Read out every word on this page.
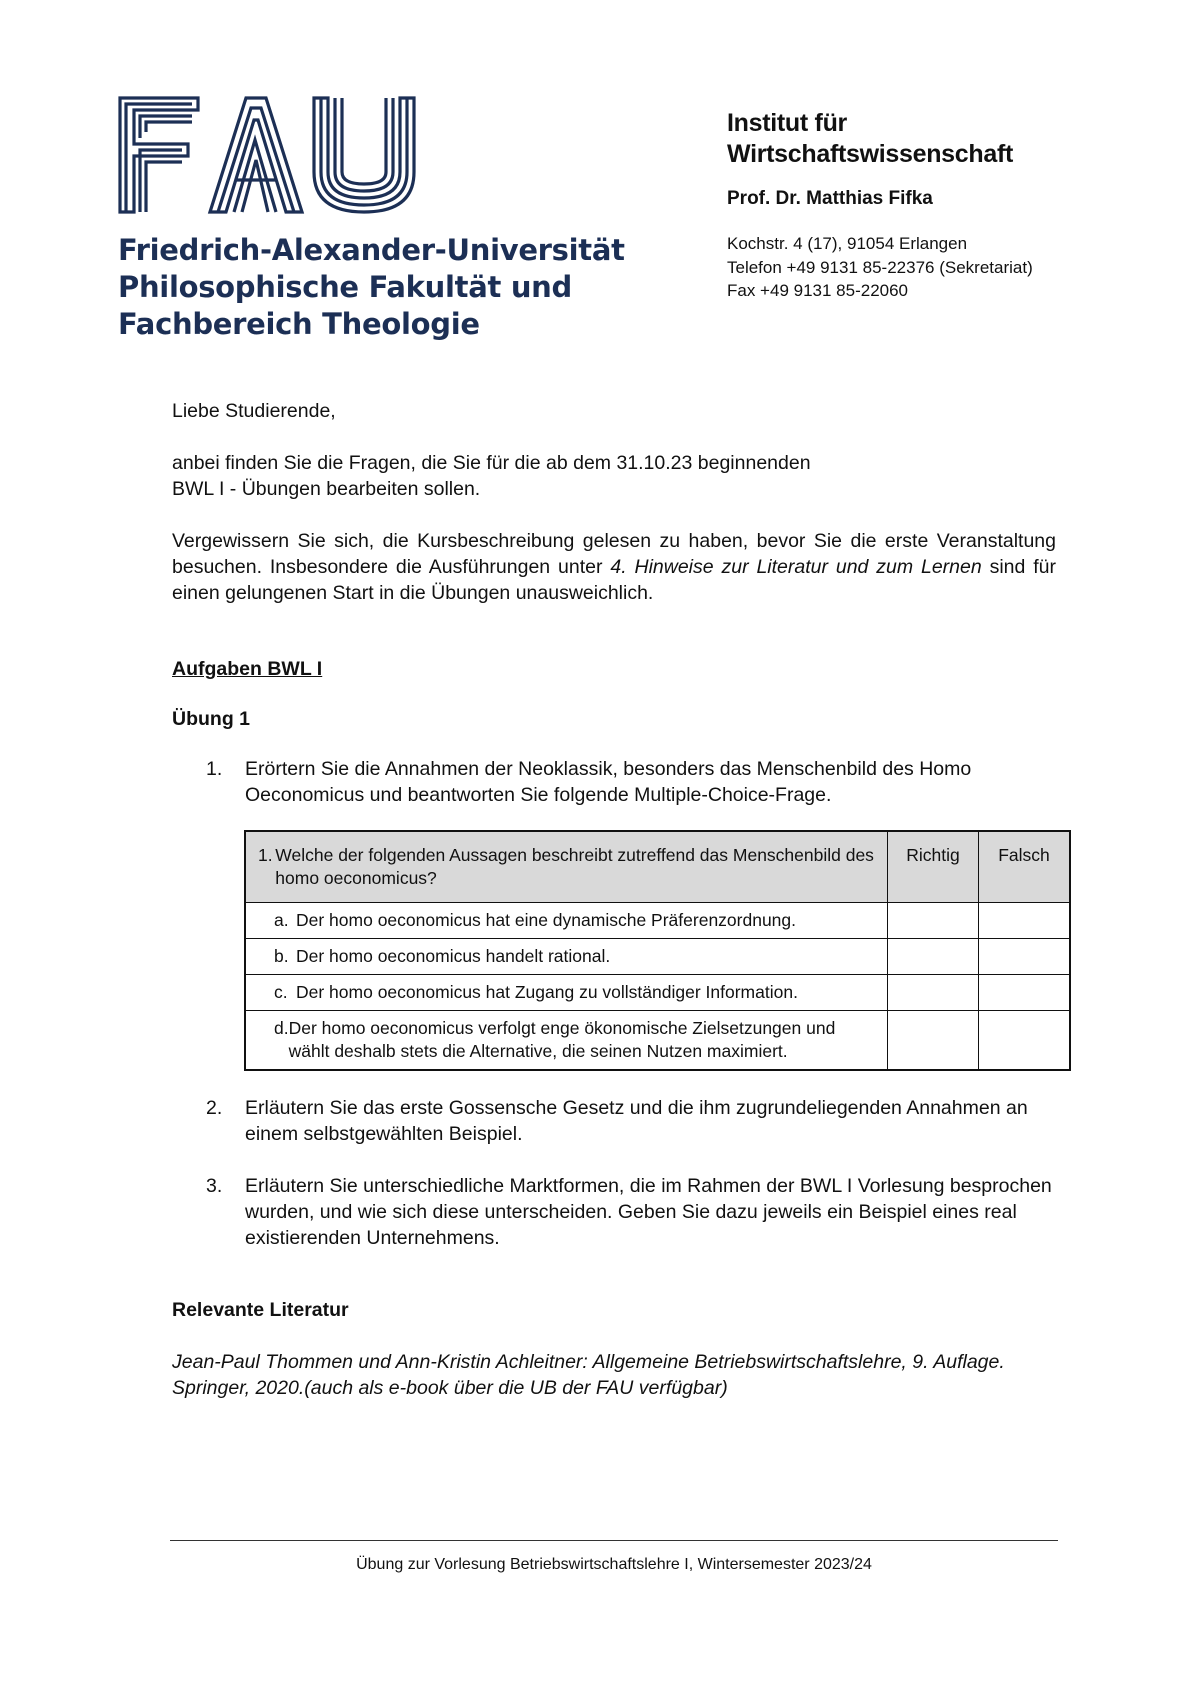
Friedrich-Alexander-Universität
Philosophische Fakultät und
Fachbereich Theologie
Institut für
Wirtschaftswissenschaft
Prof. Dr. Matthias Fifka
Kochstr. 4 (17), 91054 Erlangen
Telefon +49 9131 85-22376 (Sekretariat)
Fax +49 9131 85-22060

Liebe Studierende,

anbei finden Sie die Fragen, die Sie für die ab dem 31.10.23 beginnenden
BWL I - Übungen bearbeiten sollen.

Vergewissern Sie sich, die Kursbeschreibung gelesen zu haben, bevor Sie die erste Veranstaltung besuchen. Insbesondere die Ausführungen unter 4. Hinweise zur Literatur und zum Lernen sind für einen gelungenen Start in die Übungen unausweichlich.

Aufgaben BWL I

Übung 1

1. Erörtern Sie die Annahmen der Neoklassik, besonders das Menschenbild des Homo Oeconomicus und beantworten Sie folgende Multiple-Choice-Frage.
1. Welche der folgenden Aussagen beschreibt zutreffend das Menschenbild des homo oeconomicus?	Richtig	Falsch

a. Der homo oeconomicus hat eine dynamische Präferenzordnung.		

b. Der homo oeconomicus handelt rational.		

c. Der homo oeconomicus hat Zugang zu vollständiger Information.		

d. Der homo oeconomicus verfolgt enge ökonomische Zielsetzungen und wählt deshalb stets die Alternative, die seinen Nutzen maximiert.		

2. Erläutern Sie das erste Gossensche Gesetz und die ihm zugrundeliegenden Annahmen an einem selbstgewählten Beispiel.
3. Erläutern Sie unterschiedliche Marktformen, die im Rahmen der BWL I Vorlesung besprochen wurden, und wie sich diese unterscheiden. Geben Sie dazu jeweils ein Beispiel eines real existierenden Unternehmens.

Relevante Literatur

Jean-Paul Thommen und Ann-Kristin Achleitner: Allgemeine Betriebswirtschaftslehre, 9. Auflage. Springer, 2020.(auch als e-book über die UB der FAU verfügbar)

Übung zur Vorlesung Betriebswirtschaftslehre I, Wintersemester 2023/24
